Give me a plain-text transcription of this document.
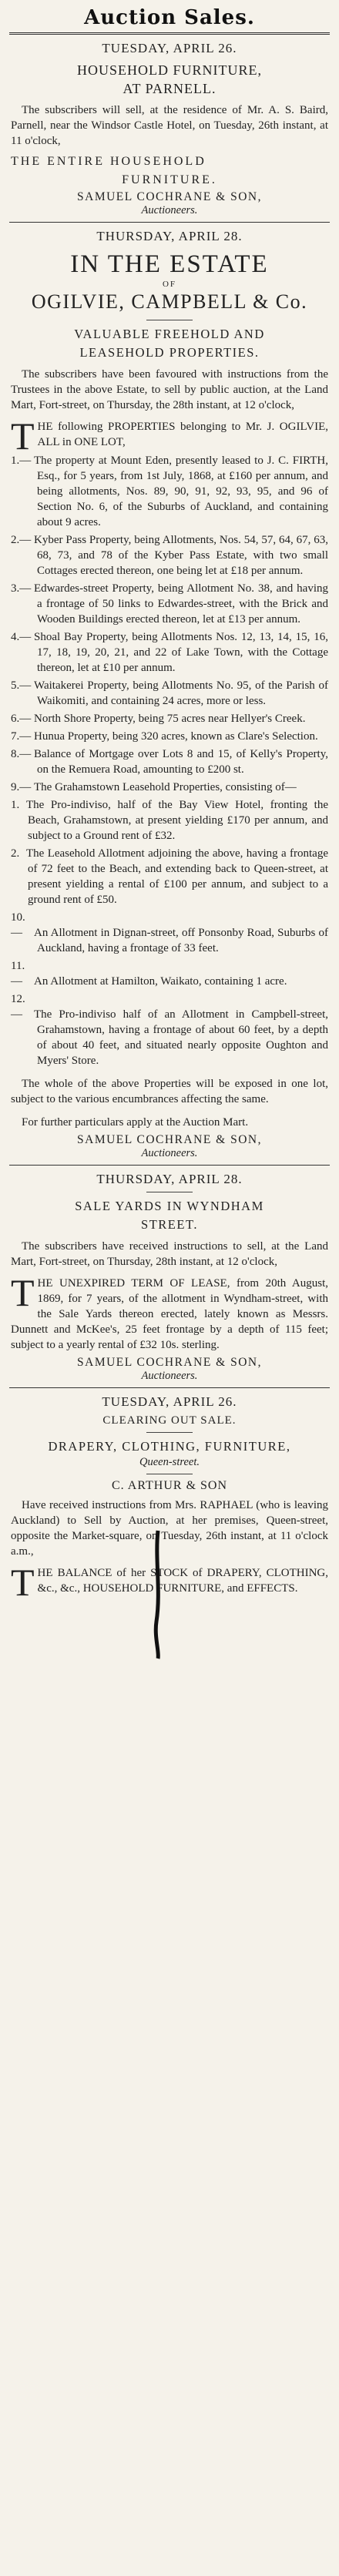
Auction Sales.
TUESDAY, APRIL 26.
HOUSEHOLD FURNITURE,
AT PARNELL.

The subscribers will sell, at the residence of Mr. A. S. Baird, Parnell, near the Windsor Castle Hotel, on Tuesday, 26th instant, at 11 o'clock,

THE ENTIRE HOUSEHOLD
FURNITURE.
SAMUEL COCHRANE & SON,
Auctioneers.
THURSDAY, APRIL 28.
IN THE ESTATE
OF
OGILVIE, CAMPBELL & Co.
VALUABLE FREEHOLD AND
LEASEHOLD PROPERTIES.

The subscribers have been favoured with instructions from the Trustees in the above Estate, to sell by public auction, at the Land Mart, Fort-street, on Thursday, the 28th instant, at 12 o'clock,

THE following PROPERTIES belonging to Mr. J. OGILVIE, ALL in ONE LOT,

1.— The property at Mount Eden, presently leased to J. C. FIRTH, Esq., for 5 years, from 1st July, 1868, at £160 per annum, and being allotments, Nos. 89, 90, 91, 92, 93, 95, and 96 of Section No. 6, of the Suburbs of Auckland, and containing about 9 acres.
2.— Kyber Pass Property, being Allotments, Nos. 54, 57, 64, 67, 63, 68, 73, and 78 of the Kyber Pass Estate, with two small Cottages erected thereon, one being let at £18 per annum.
3.— Edwardes-street Property, being Allotment No. 38, and having a frontage of 50 links to Edwardes-street, with the Brick and Wooden Buildings erected thereon, let at £13 per annum.
4.— Shoal Bay Property, being Allotments Nos. 12, 13, 14, 15, 16, 17, 18, 19, 20, 21, and 22 of Lake Town, with the Cottage thereon, let at £10 per annum.
5.— Waitakerei Property, being Allotments No. 95, of the Parish of Waikomiti, and containing 24 acres, more or less.
6.— North Shore Property, being 75 acres near Hellyer's Creek.
7.— Hunua Property, being 320 acres, known as Clare's Selection.
8.— Balance of Mortgage over Lots 8 and 15, of Kelly's Property, on the Remuera Road, amounting to £200 st.
9.— The Grahamstown Leasehold Properties, consisting of—
1. The Pro-indiviso, half of the Bay View Hotel, fronting the Beach, Grahamstown, at present yielding £170 per annum, and subject to a Ground rent of £32.
2. The Leasehold Allotment adjoining the above, having a frontage of 72 feet to the Beach, and extending back to Queen-street, at present yielding a rental of £100 per annum, and subject to a ground rent of £50.
10.— An Allotment in Dignan-street, off Ponsonby Road, Suburbs of Auckland, having a frontage of 33 feet.
11.— An Allotment at Hamilton, Waikato, containing 1 acre.
12.— The Pro-indiviso half of an Allotment in Campbell-street, Grahamstown, having a frontage of about 60 feet, by a depth of about 40 feet, and situated nearly opposite Oughton and Myers' Store.

The whole of the above Properties will be exposed in one lot, subject to the various encumbrances affecting the same.

For further particulars apply at the Auction Mart.

SAMUEL COCHRANE & SON,
Auctioneers.
THURSDAY, APRIL 28.
SALE YARDS IN WYNDHAM
STREET.

The subscribers have received instructions to sell, at the Land Mart, Fort-street, on Thursday, 28th instant, at 12 o'clock,

THE UNEXPIRED TERM OF LEASE, from 20th August, 1869, for 7 years, of the allotment in Wyndham-street, with the Sale Yards thereon erected, lately known as Messrs. Dunnett and McKee's, 25 feet frontage by a depth of 115 feet; subject to a yearly rental of £32 10s. sterling.

SAMUEL COCHRANE & SON,
Auctioneers.
TUESDAY, APRIL 26.
CLEARING OUT SALE.
DRAPERY, CLOTHING, FURNITURE,
Queen-street.
C. ARTHUR & SON

Have received instructions from Mrs. RAPHAEL (who is leaving Auckland) to Sell by Auction, at her premises, Queen-street, opposite the Market-square, on Tuesday, 26th instant, at 11 o'clock a.m.,

THE BALANCE of her STOCK of DRAPERY, CLOTHING, &c., &c., HOUSEHOLD FURNITURE, and EFFECTS.
